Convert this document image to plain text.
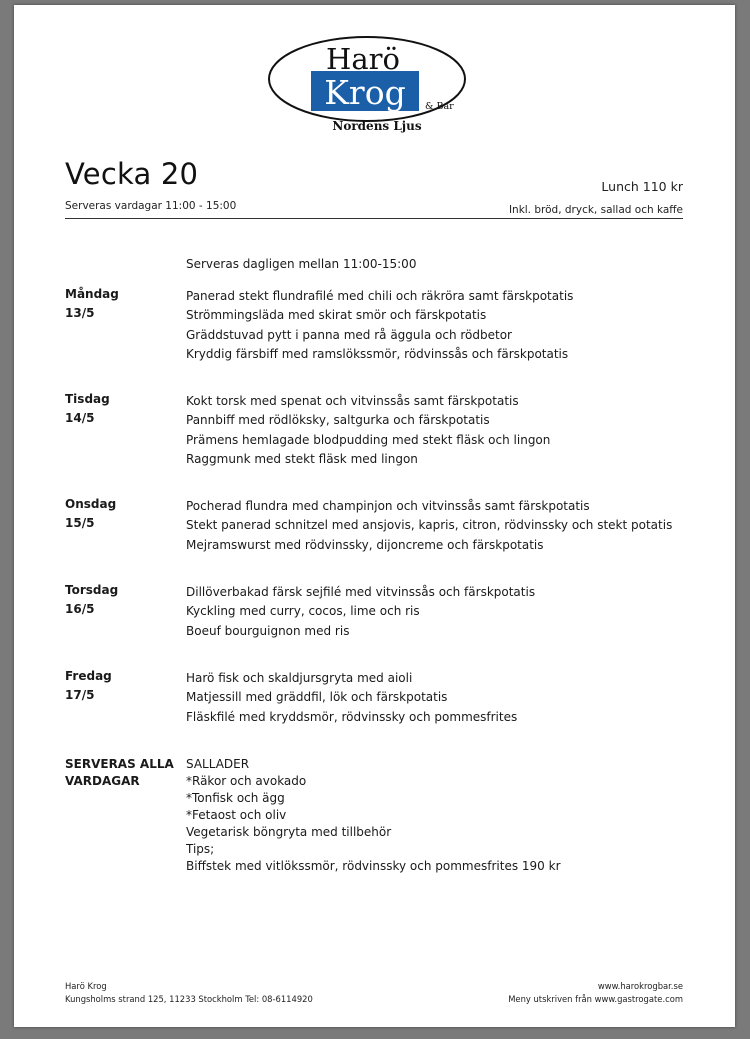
Harö
Krog & Bar
Nordens Ljus
Vecka 20
Serveras vardagar 11:00 - 15:00
Lunch 110 kr
Inkl. bröd, dryck, sallad och kaffe
Serveras dagligen mellan 11:00-15:00
Måndag
13/5
Panerad stekt flundrafilé med chili och räkröra samt färskpotatis
Strömmingsläda med skirat smör och färskpotatis
Gräddstuvad pytt i panna med rå äggula och rödbetor
Kryddig färsbiff med ramslökssmör, rödvinssås och färskpotatis
Tisdag
14/5
Kokt torsk med spenat och vitvinssås samt färskpotatis
Pannbiff med rödlöksky, saltgurka och färskpotatis
Prämens hemlagade blodpudding med stekt fläsk och lingon
Raggmunk med stekt fläsk med lingon
Onsdag
15/5
Pocherad flundra med champinjon och vitvinssås samt färskpotatis
Stekt panerad schnitzel med ansjovis, kapris, citron, rödvinssky och stekt potatis
Mejramswurst med rödvinssky, dijoncreme och färskpotatis
Torsdag
16/5
Dillöverbakad färsk sejfilé med vitvinssås och färskpotatis
Kyckling med curry, cocos, lime och ris
Boeuf bourguignon med ris
Fredag
17/5
Harö fisk och skaldjursgryta med aioli
Matjessill med gräddfil, lök och färskpotatis
Fläskfilé med kryddsmör, rödvinssky och pommesfrites
SERVERAS ALLA
VARDAGAR
SALLADER
*Räkor och avokado
*Tonfisk och ägg
*Fetaost och oliv
Vegetarisk böngryta med tillbehör
Tips;
Biffstek med vitlökssmör, rödvinssky och pommesfrites 190 kr
Harö Krog
Kungsholms strand 125, 11233 Stockholm Tel: 08-6114920
www.harokrogbar.se
Meny utskriven från www.gastrogate.com
